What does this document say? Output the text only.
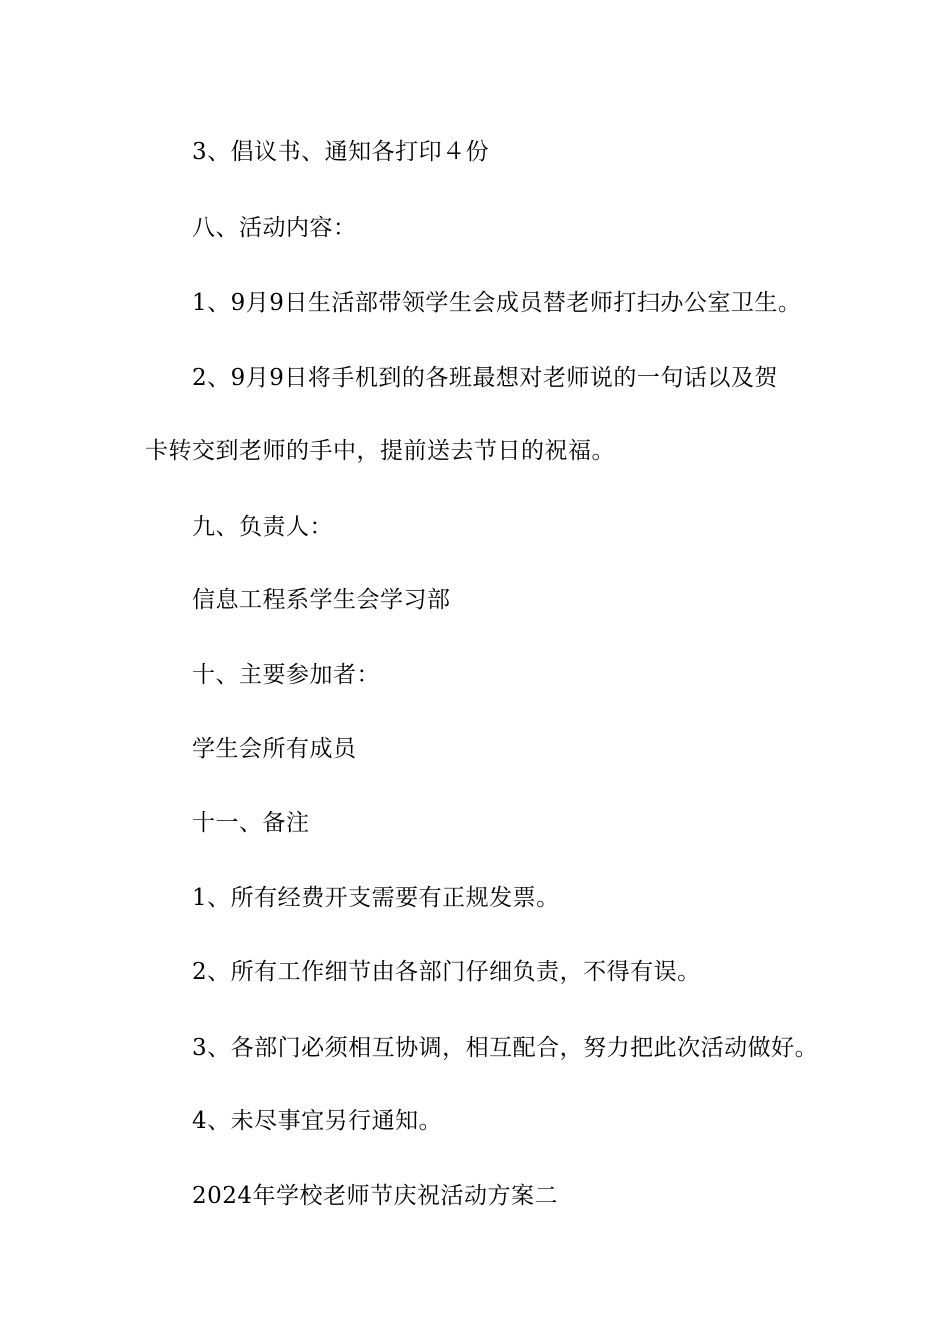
3、倡议书、通知各打印４份

八、活动内容：

1、9月9日生活部带领学生会成员替老师打扫办公室卫生。

2、9月9日将手机到的各班最想对老师说的一句话以及贺

卡转交到老师的手中，提前送去节日的祝福。

九、负责人：

信息工程系学生会学习部

十、主要参加者：

学生会所有成员

十一、备注

1、所有经费开支需要有正规发票。

2、所有工作细节由各部门仔细负责，不得有误。

3、各部门必须相互协调，相互配合，努力把此次活动做好。

4、未尽事宜另行通知。

2024年学校老师节庆祝活动方案二
